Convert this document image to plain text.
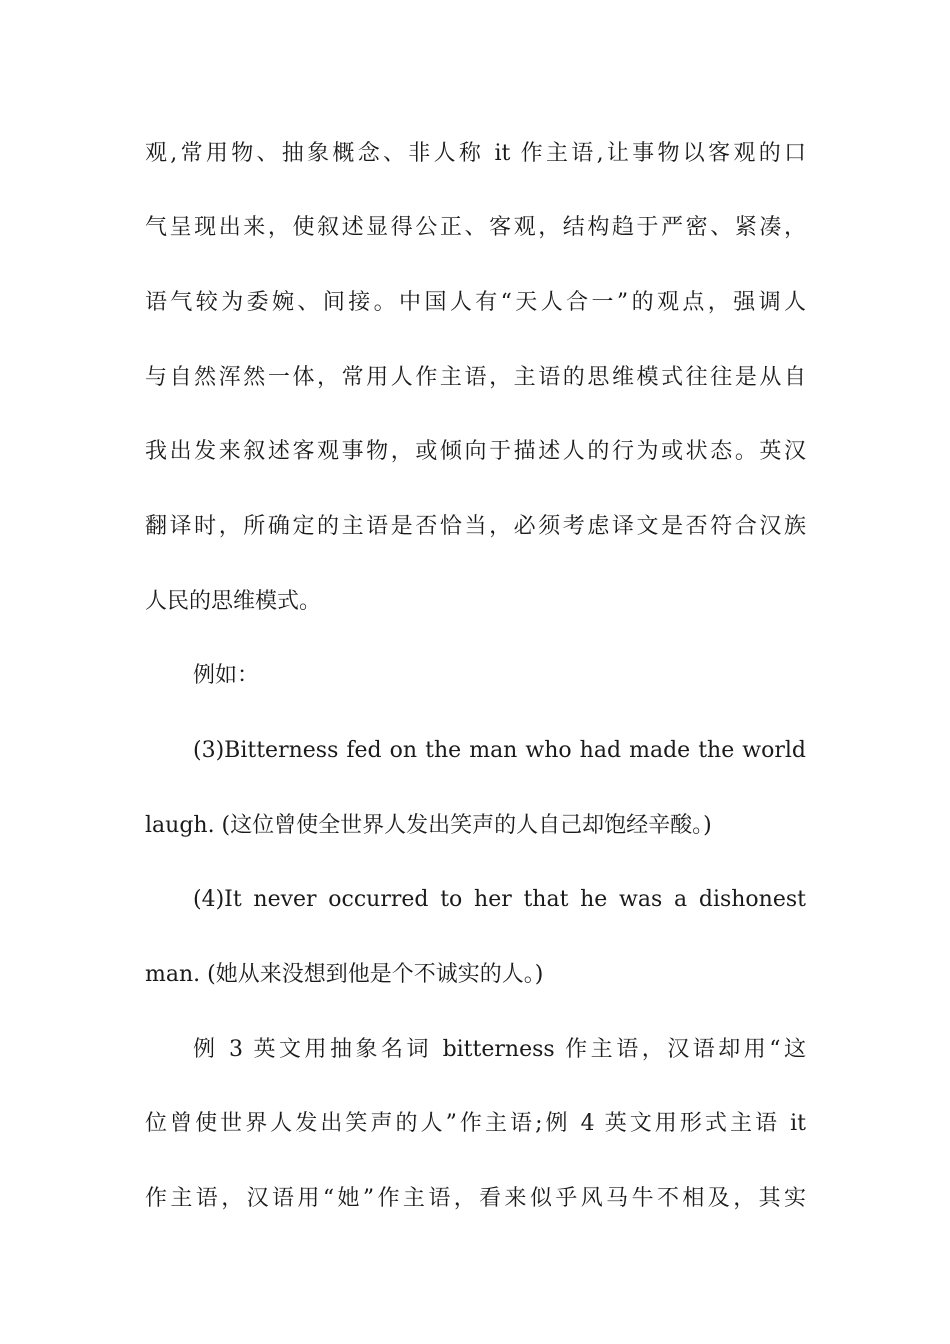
观,常用物、抽象概念、非人称 it 作主语,让事物以客观的口
气呈现出来，使叙述显得公正、客观，结构趋于严密、紧凑，
语气较为委婉、间接。中国人有“天人合一”的观点，强调人
与自然浑然一体，常用人作主语，主语的思维模式往往是从自
我出发来叙述客观事物，或倾向于描述人的行为或状态。英汉
翻译时，所确定的主语是否恰当，必须考虑译文是否符合汉族
人民的思维模式。
例如：
(3)Bitterness fed on the man who had made the world
laugh. (这位曾使全世界人发出笑声的人自己却饱经辛酸。)
(4)It never occurred to her that he was a dishonest
man. (她从来没想到他是个不诚实的人。)
例 3 英文用抽象名词 bitterness 作主语，汉语却用“这
位曾使世界人发出笑声的人”作主语;例 4 英文用形式主语 it
作主语，汉语用“她”作主语，看来似乎风马牛不相及，其实
